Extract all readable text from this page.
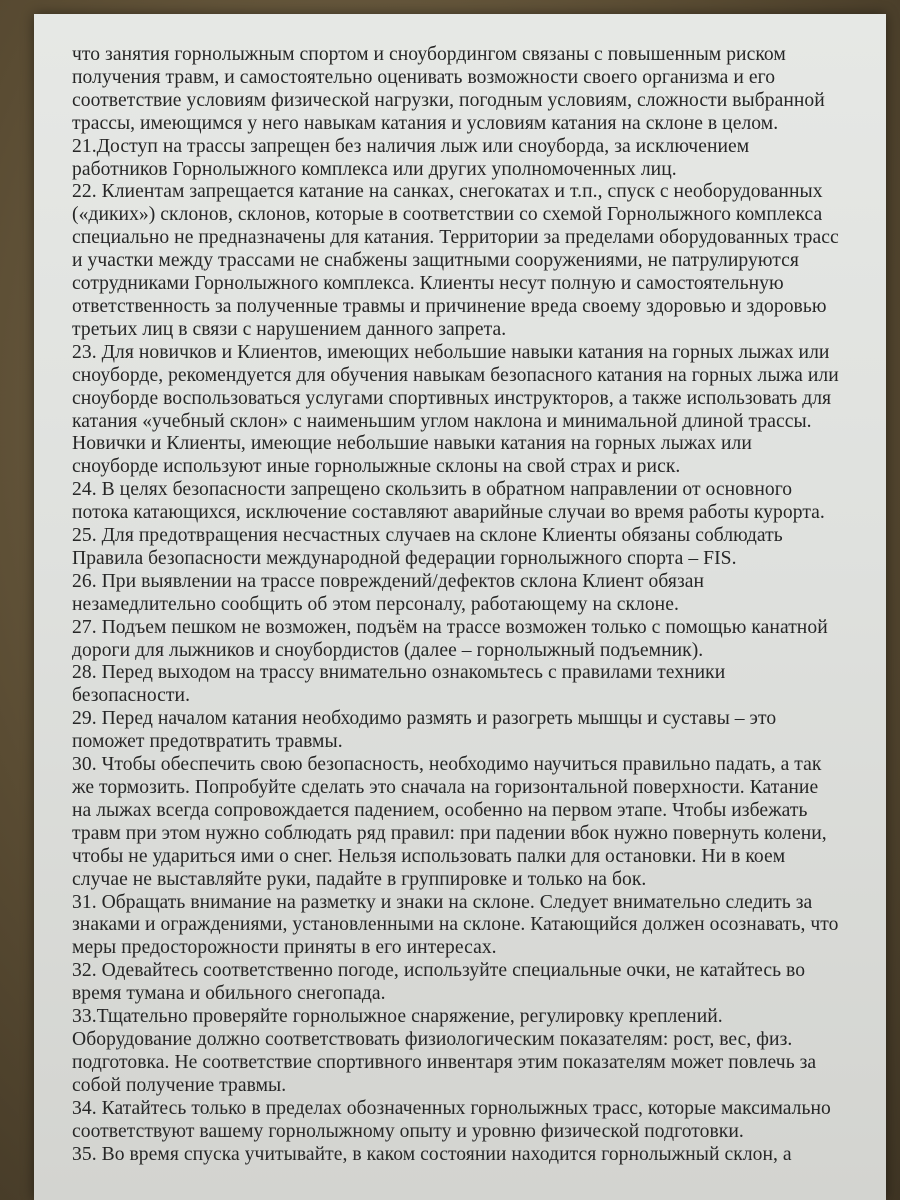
что занятия горнолыжным спортом и сноубордингом связаны с повышенным риском

получения травм, и самостоятельно оценивать возможности своего организма и его

соответствие условиям физической нагрузки, погодным условиям, сложности выбранной

трассы, имеющимся у него навыкам катания и условиям катания на склоне в целом.

21.Доступ на трассы запрещен без наличия лыж или сноуборда, за исключением

работников Горнолыжного комплекса или других уполномоченных лиц.

22. Клиентам запрещается катание на санках, снегокатах и т.п., спуск с необорудованных

(«диких») склонов, склонов, которые в соответствии со схемой Горнолыжного комплекса

специально не предназначены для катания. Территории за пределами оборудованных трасс

и участки между трассами не снабжены защитными сооружениями, не патрулируются

сотрудниками Горнолыжного комплекса. Клиенты несут полную и самостоятельную

ответственность за полученные травмы и причинение вреда своему здоровью и здоровью

третьих лиц в связи с нарушением данного запрета.

23. Для новичков и Клиентов, имеющих небольшие навыки катания на горных лыжах или

сноуборде, рекомендуется для обучения навыкам безопасного катания на горных лыжа или

сноуборде воспользоваться услугами спортивных инструкторов, а также использовать для

катания «учебный склон» с наименьшим углом наклона и минимальной длиной трассы.

Новички и Клиенты, имеющие небольшие навыки катания на горных лыжах или

сноуборде используют иные горнолыжные склоны на свой страх и риск.

24. В целях безопасности запрещено скользить в обратном направлении от основного

потока катающихся, исключение составляют аварийные случаи во время работы курорта.

25. Для предотвращения несчастных случаев на склоне Клиенты обязаны соблюдать

Правила безопасности международной федерации горнолыжного спорта – FIS.

26. При выявлении на трассе повреждений/дефектов склона Клиент обязан

незамедлительно сообщить об этом персоналу, работающему на склоне.

27. Подъем пешком не возможен, подъём на трассе возможен только с помощью канатной

дороги для лыжников и сноубордистов (далее – горнолыжный подъемник).

28. Перед выходом на трассу внимательно ознакомьтесь с правилами техники

безопасности.

29. Перед началом катания необходимо размять и разогреть мышцы и суставы – это

поможет предотвратить травмы.

30. Чтобы обеспечить свою безопасность, необходимо научиться правильно падать, а так

же тормозить. Попробуйте сделать это сначала на горизонтальной поверхности. Катание

на лыжах всегда сопровождается падением, особенно на первом этапе. Чтобы избежать

травм при этом нужно соблюдать ряд правил: при падении вбок нужно повернуть колени,

чтобы не удариться ими о снег. Нельзя использовать палки для остановки. Ни в коем

случае не выставляйте руки, падайте в группировке и только на бок.

31. Обращать внимание на разметку и знаки на склоне. Следует внимательно следить за

знаками и ограждениями, установленными на склоне. Катающийся должен осознавать, что

меры предосторожности приняты в его интересах.

32. Одевайтесь соответственно погоде, используйте специальные очки, не катайтесь во

время тумана и обильного снегопада.

33.Тщательно проверяйте горнолыжное снаряжение, регулировку креплений.

Оборудование должно соответствовать физиологическим показателям: рост, вес, физ.

подготовка. Не соответствие спортивного инвентаря этим показателям может повлечь за

собой получение травмы.

34. Катайтесь только в пределах обозначенных горнолыжных трасс, которые максимально

соответствуют вашему горнолыжному опыту и уровню физической подготовки.

35. Во время спуска учитывайте, в каком состоянии находится горнолыжный склон, а
